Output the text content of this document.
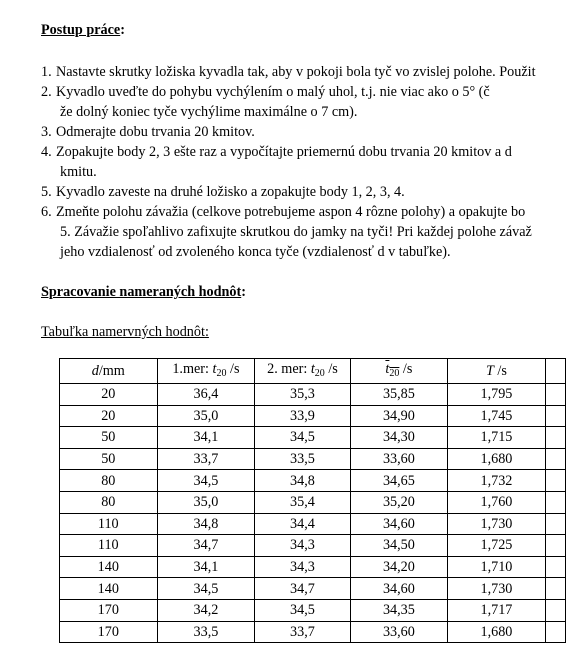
Postup práce:
1. Nastavte skrutky ložiska kyvadla tak, aby v pokoji bola tyč vo zvislej polohe. Použit
2. Kyvadlo uveďte do pohybu vychýlením o malý uhol, t.j. nie viac ako o 5° (č
že dolný koniec tyče vychýlime maximálne o 7 cm).
3. Odmerajte dobu trvania 20 kmitov.
4. Zopakujte body 2, 3 ešte raz a vypočítajte priemernú dobu trvania 20 kmitov a d
kmitu.
5. Kyvadlo zaveste na druhé ložisko a zopakujte body 1, 2, 3, 4.
6. Zmeňte polohu závažia (celkove potrebujeme aspon 4 rôzne polohy) a opakujte bo
5. Závažie spoľahlivo zafixujte skrutkou do jamky na tyči! Pri každej polohe závaž
jeho vzdialenosť od zvoleného konca tyče (vzdialenosť d v tabuľke).
Spracovanie nameraných hodnôt:
Tabuľka namervných hodnôt:
d/mm	1.mer: $t_{20}$ /s	2. mer: $t_{20}$ /s	$t_{20}$ /s	T /s	
20	36,4	35,3	35,85	1,795	
20	35,0	33,9	34,90	1,745	
50	34,1	34,5	34,30	1,715	
50	33,7	33,5	33,60	1,680	
80	34,5	34,8	34,65	1,732	
80	35,0	35,4	35,20	1,760	
110	34,8	34,4	34,60	1,730	
110	34,7	34,3	34,50	1,725	
140	34,1	34,3	34,20	1,710	
140	34,5	34,7	34,60	1,730	
170	34,2	34,5	34,35	1,717	
170	33,5	33,7	33,60	1,680	
